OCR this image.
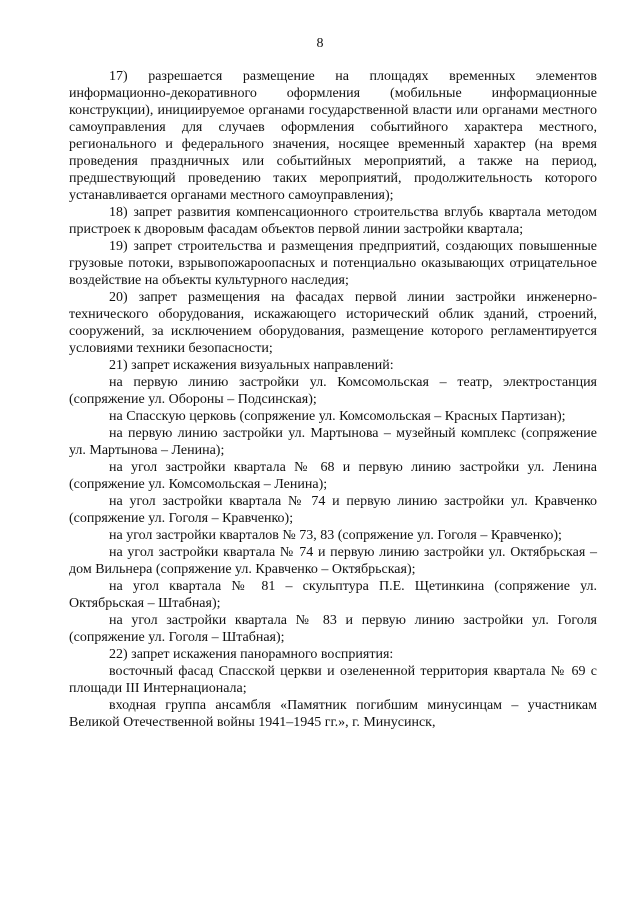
8

17) разрешается размещение на площадях временных элементов информационно-декоративного оформления (мобильные информационные конструкции), инициируемое органами государственной власти или органами местного самоуправления для случаев оформления событийного характера местного, регионального и федерального значения, носящее временный характер (на время проведения праздничных или событийных мероприятий, а также на период, предшествующий проведению таких мероприятий, продолжительность которого устанавливается органами местного самоуправления);

18) запрет развития компенсационного строительства вглубь квартала методом пристроек к дворовым фасадам объектов первой линии застройки квартала;

19) запрет строительства и размещения предприятий, создающих повышенные грузовые потоки, взрывопожароопасных и потенциально оказывающих отрицательное воздействие на объекты культурного наследия;

20) запрет размещения на фасадах первой линии застройки инженерно-технического оборудования, искажающего исторический облик зданий, строений, сооружений, за исключением оборудования, размещение которого регламентируется условиями техники безопасности;

21) запрет искажения визуальных направлений:

на первую линию застройки ул. Комсомольская – театр, электростанция (сопряжение ул. Обороны – Подсинская);

на Спасскую церковь (сопряжение ул. Комсомольская – Красных Партизан);

на первую линию застройки ул. Мартынова – музейный комплекс (сопряжение ул. Мартынова – Ленина);

на угол застройки квартала № 68 и первую линию застройки ул. Ленина (сопряжение ул. Комсомольская – Ленина);

на угол застройки квартала № 74 и первую линию застройки ул. Кравченко (сопряжение ул. Гоголя – Кравченко);

на угол застройки кварталов № 73, 83 (сопряжение ул. Гоголя – Кравченко);

на угол застройки квартала № 74 и первую линию застройки ул. Октябрьская – дом Вильнера (сопряжение ул. Кравченко – Октябрьская);

на угол квартала № 81 – скульптура П.Е. Щетинкина (сопряжение ул. Октябрьская – Штабная);

на угол застройки квартала № 83 и первую линию застройки ул. Гоголя (сопряжение ул. Гоголя – Штабная);

22) запрет искажения панорамного восприятия:

восточный фасад Спасской церкви и озелененной территория квартала № 69 с площади III Интернационала;

входная группа ансамбля «Памятник погибшим минусинцам – участникам Великой Отечественной войны 1941–1945 гг.», г. Минусинск,
